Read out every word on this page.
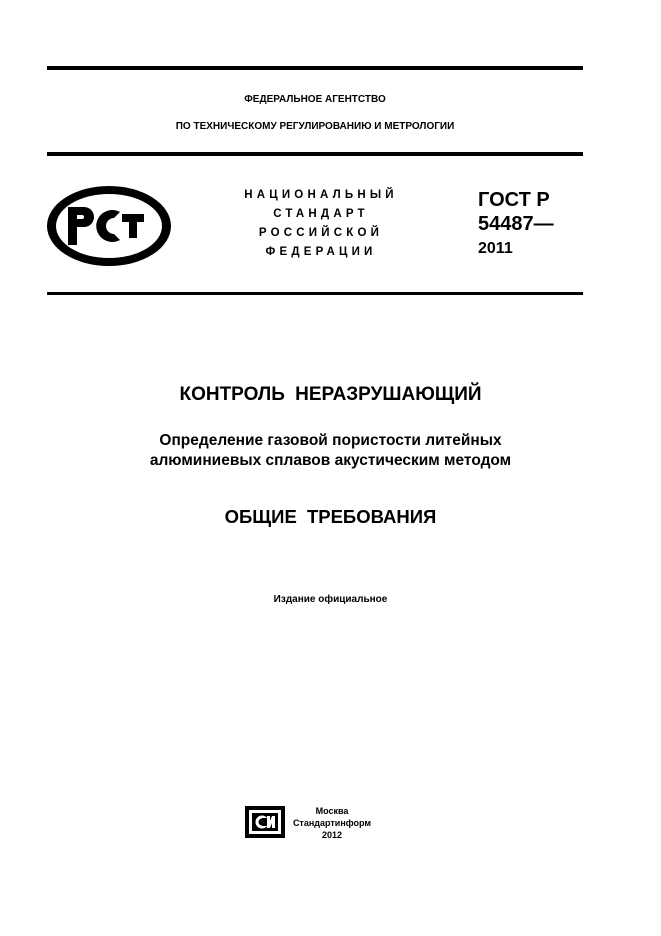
ФЕДЕРАЛЬНОЕ АГЕНТСТВО
ПО ТЕХНИЧЕСКОМУ РЕГУЛИРОВАНИЮ И МЕТРОЛОГИИ
НАЦИОНАЛЬНЫЙ
СТАНДАРТ
РОССИЙСКОЙ
ФЕДЕРАЦИИ
ГОСТ Р
54487—
2011
КОНТРОЛЬ НЕРАЗРУШАЮЩИЙ
Определение газовой пористости литейных
алюминиевых сплавов акустическим методом
ОБЩИЕ ТРЕБОВАНИЯ
Издание официальное
Москва
Стандартинформ
2012
